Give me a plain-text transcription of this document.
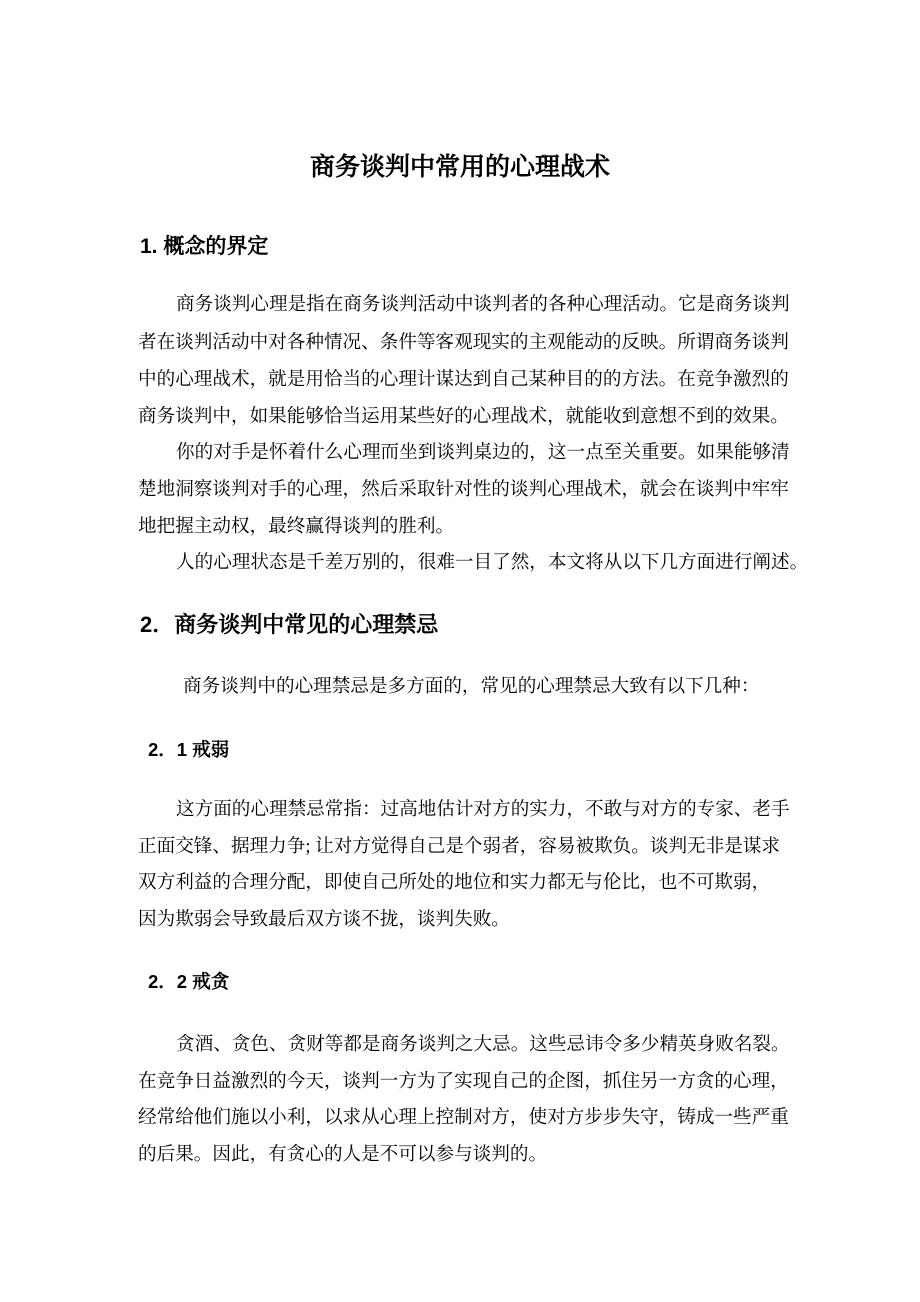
商务谈判中常用的心理战术
1. 概念的界定
商务谈判心理是指在商务谈判活动中谈判者的各种心理活动。它是商务谈判
者在谈判活动中对各种情况、条件等客观现实的主观能动的反映。所谓商务谈判
中的心理战术，就是用恰当的心理计谋达到自己某种目的的方法。在竞争激烈的
商务谈判中，如果能够恰当运用某些好的心理战术，就能收到意想不到的效果。
你的对手是怀着什么心理而坐到谈判桌边的，这一点至关重要。如果能够清
楚地洞察谈判对手的心理，然后采取针对性的谈判心理战术，就会在谈判中牢牢
地把握主动权，最终赢得谈判的胜利。
人的心理状态是千差万别的，很难一目了然，本文将从以下几方面进行阐述。
2．商务谈判中常见的心理禁忌
商务谈判中的心理禁忌是多方面的，常见的心理禁忌大致有以下几种：
2．1 戒弱
这方面的心理禁忌常指：过高地估计对方的实力，不敢与对方的专家、老手
正面交锋、据理力争; 让对方觉得自己是个弱者，容易被欺负。谈判无非是谋求
双方利益的合理分配，即使自己所处的地位和实力都无与伦比，也不可欺弱，
因为欺弱会导致最后双方谈不拢，谈判失败。
2．2 戒贪
贪酒、贪色、贪财等都是商务谈判之大忌。这些忌讳令多少精英身败名裂。
在竞争日益激烈的今天，谈判一方为了实现自己的企图，抓住另一方贪的心理，
经常给他们施以小利，以求从心理上控制对方，使对方步步失守，铸成一些严重
的后果。因此，有贪心的人是不可以参与谈判的。
